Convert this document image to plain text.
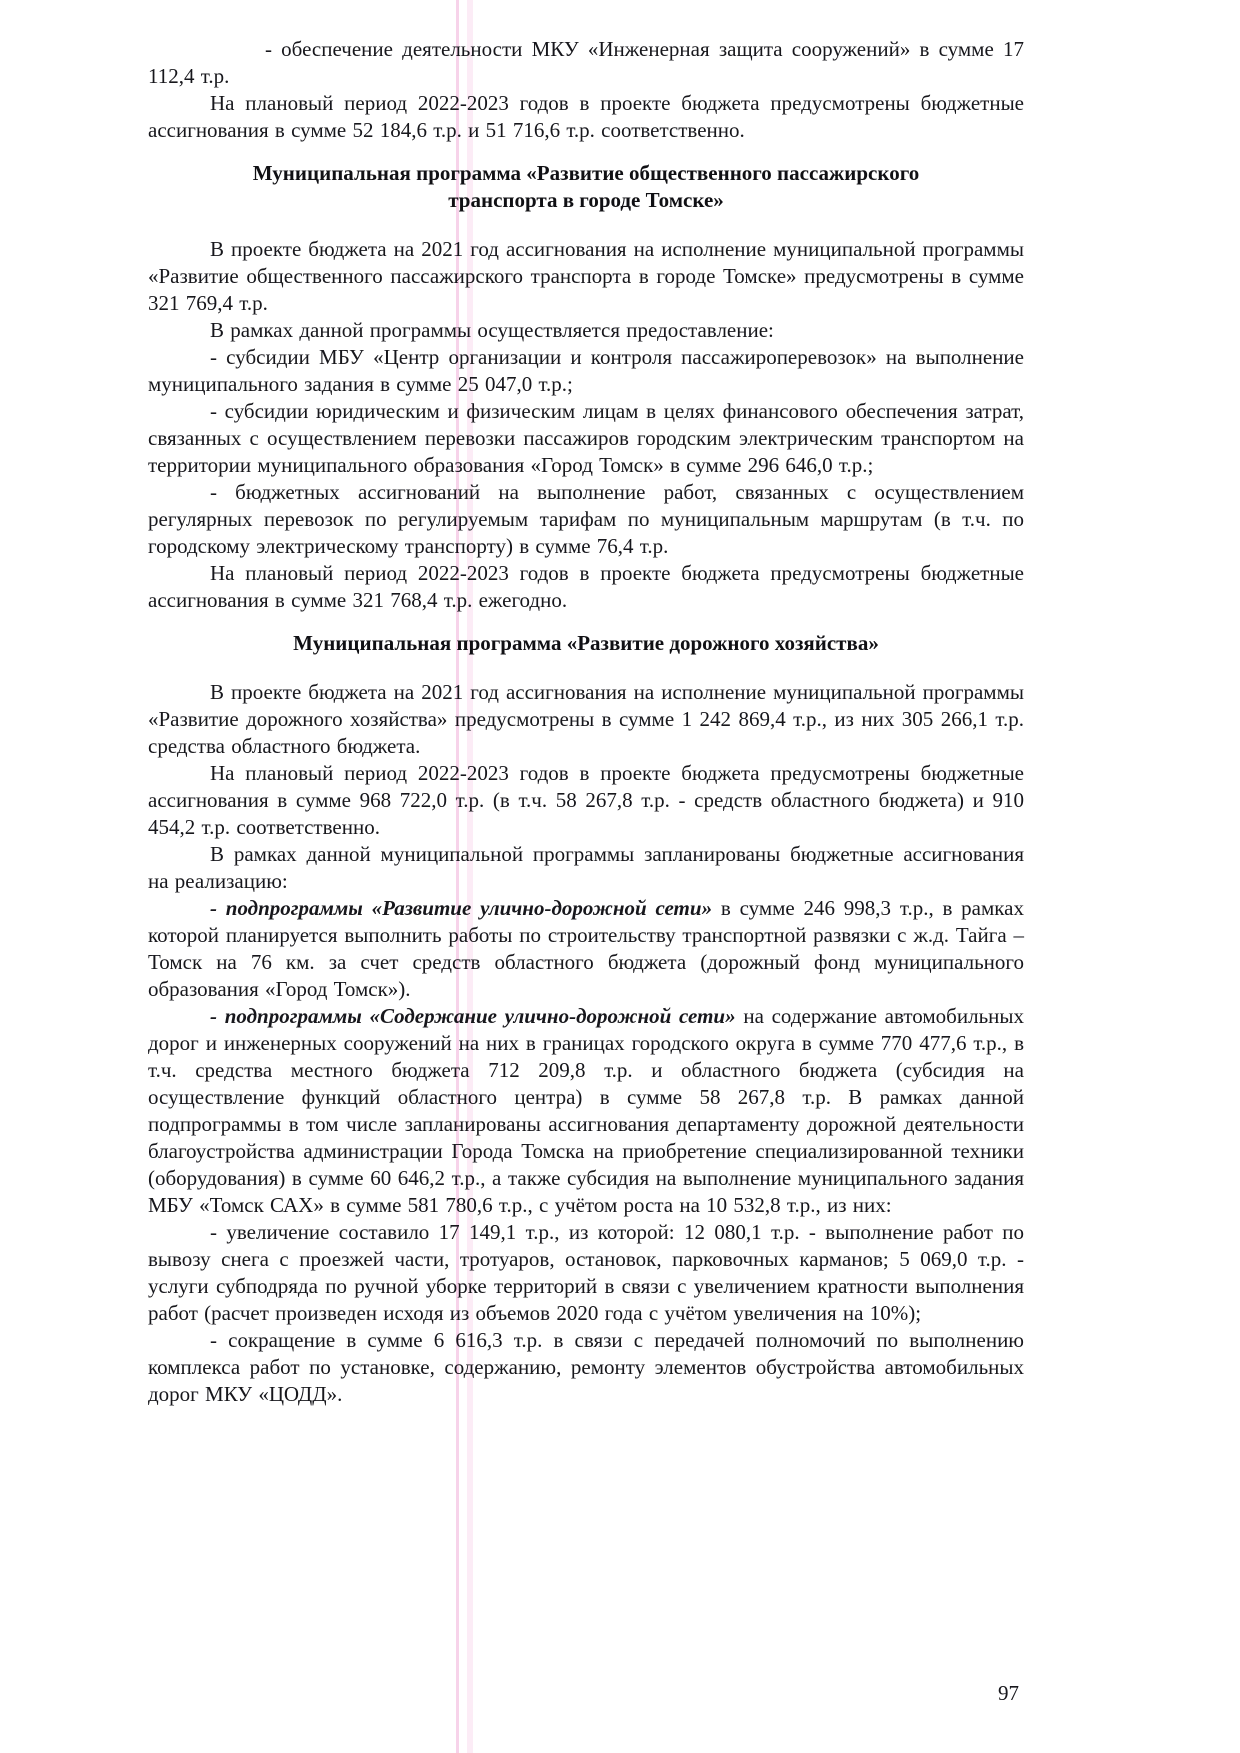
- обеспечение деятельности МКУ «Инженерная защита сооружений» в сумме 17 112,4 т.р.

На плановый период 2022-2023 годов в проекте бюджета предусмотрены бюджетные ассигнования в сумме 52 184,6 т.р. и 51 716,6 т.р. соответственно.

Муниципальная программа «Развитие общественного пассажирского транспорта в городе Томске»

В проекте бюджета на 2021 год ассигнования на исполнение муниципальной программы «Развитие общественного пассажирского транспорта в городе Томске» предусмотрены в сумме 321 769,4 т.р.

В рамках данной программы осуществляется предоставление:

- субсидии МБУ «Центр организации и контроля пассажироперевозок» на выполнение муниципального задания в сумме 25 047,0 т.р.;

- субсидии юридическим и физическим лицам в целях финансового обеспечения затрат, связанных с осуществлением перевозки пассажиров городским электрическим транспортом на территории муниципального образования «Город Томск» в сумме 296 646,0 т.р.;

- бюджетных ассигнований на выполнение работ, связанных с осуществлением регулярных перевозок по регулируемым тарифам по муниципальным маршрутам (в т.ч. по городскому электрическому транспорту) в сумме 76,4 т.р.

На плановый период 2022-2023 годов в проекте бюджета предусмотрены бюджетные ассигнования в сумме 321 768,4 т.р. ежегодно.

Муниципальная программа «Развитие дорожного хозяйства»

В проекте бюджета на 2021 год ассигнования на исполнение муниципальной программы «Развитие дорожного хозяйства» предусмотрены в сумме 1 242 869,4 т.р., из них 305 266,1 т.р. средства областного бюджета.

На плановый период 2022-2023 годов в проекте бюджета предусмотрены бюджетные ассигнования в сумме 968 722,0 т.р. (в т.ч. 58 267,8 т.р. - средств областного бюджета) и 910 454,2 т.р. соответственно.

В рамках данной муниципальной программы запланированы бюджетные ассигнования на реализацию:

- подпрограммы «Развитие улично-дорожной сети» в сумме 246 998,3 т.р., в рамках которой планируется выполнить работы по строительству транспортной развязки с ж.д. Тайга – Томск на 76 км. за счет средств областного бюджета (дорожный фонд муниципального образования «Город Томск»).

- подпрограммы «Содержание улично-дорожной сети» на содержание автомобильных дорог и инженерных сооружений на них в границах городского округа в сумме 770 477,6 т.р., в т.ч. средства местного бюджета 712 209,8 т.р. и областного бюджета (субсидия на осуществление функций областного центра) в сумме 58 267,8 т.р. В рамках данной подпрограммы в том числе запланированы ассигнования департаменту дорожной деятельности благоустройства администрации Города Томска на приобретение специализированной техники (оборудования) в сумме 60 646,2 т.р., а также субсидия на выполнение муниципального задания МБУ «Томск САХ» в сумме 581 780,6 т.р., с учётом роста на 10 532,8 т.р., из них:

- увеличение составило 17 149,1 т.р., из которой: 12 080,1 т.р. - выполнение работ по вывозу снега с проезжей части, тротуаров, остановок, парковочных карманов; 5 069,0 т.р. - услуги субподряда по ручной уборке территорий в связи с увеличением кратности выполнения работ (расчет произведен исходя из объемов 2020 года с учётом увеличения на 10%);

- сокращение в сумме 6 616,3 т.р. в связи с передачей полномочий по выполнению комплекса работ по установке, содержанию, ремонту элементов обустройства автомобильных дорог МКУ «ЦОДД».

97
